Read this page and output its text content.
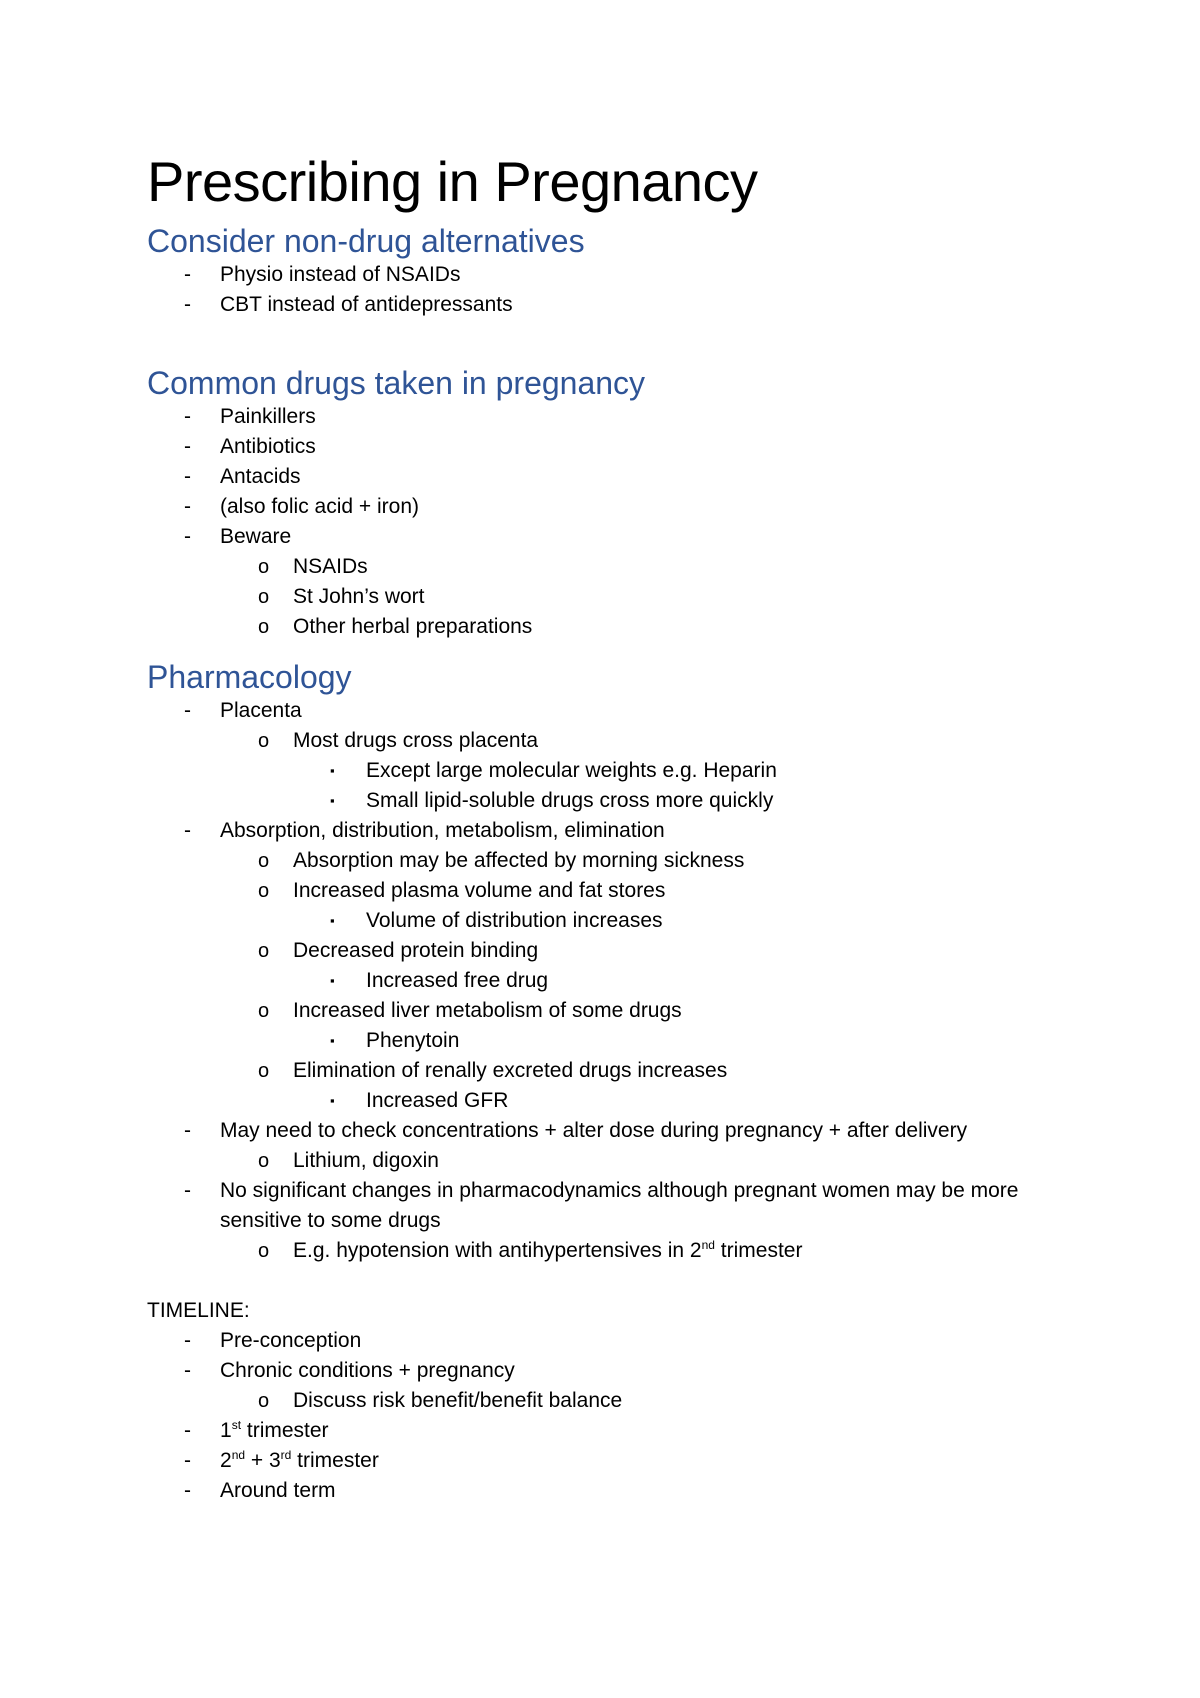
Prescribing in Pregnancy
Consider non-drug alternatives
-	Physio instead of NSAIDs
-	CBT instead of antidepressants
Common drugs taken in pregnancy
-	Painkillers
-	Antibiotics
-	Antacids
-	(also folic acid + iron)
-	Beware
o	NSAIDs
o	St John’s wort
o	Other herbal preparations
Pharmacology
-	Placenta
o	Most drugs cross placenta
▪	Except large molecular weights e.g. Heparin
▪	Small lipid-soluble drugs cross more quickly
-	Absorption, distribution, metabolism, elimination
o	Absorption may be affected by morning sickness
o	Increased plasma volume and fat stores
▪	Volume of distribution increases
o	Decreased protein binding
▪	Increased free drug
o	Increased liver metabolism of some drugs
▪	Phenytoin
o	Elimination of renally excreted drugs increases
▪	Increased GFR
-	May need to check concentrations + alter dose during pregnancy + after delivery
o	Lithium, digoxin
-	No significant changes in pharmacodynamics although pregnant women may be more sensitive to some drugs
o	E.g. hypotension with antihypertensives in 2nd trimester
TIMELINE:
-	Pre-conception
-	Chronic conditions + pregnancy
o	Discuss risk benefit/benefit balance
-	1st trimester
-	2nd + 3rd trimester
-	Around term
